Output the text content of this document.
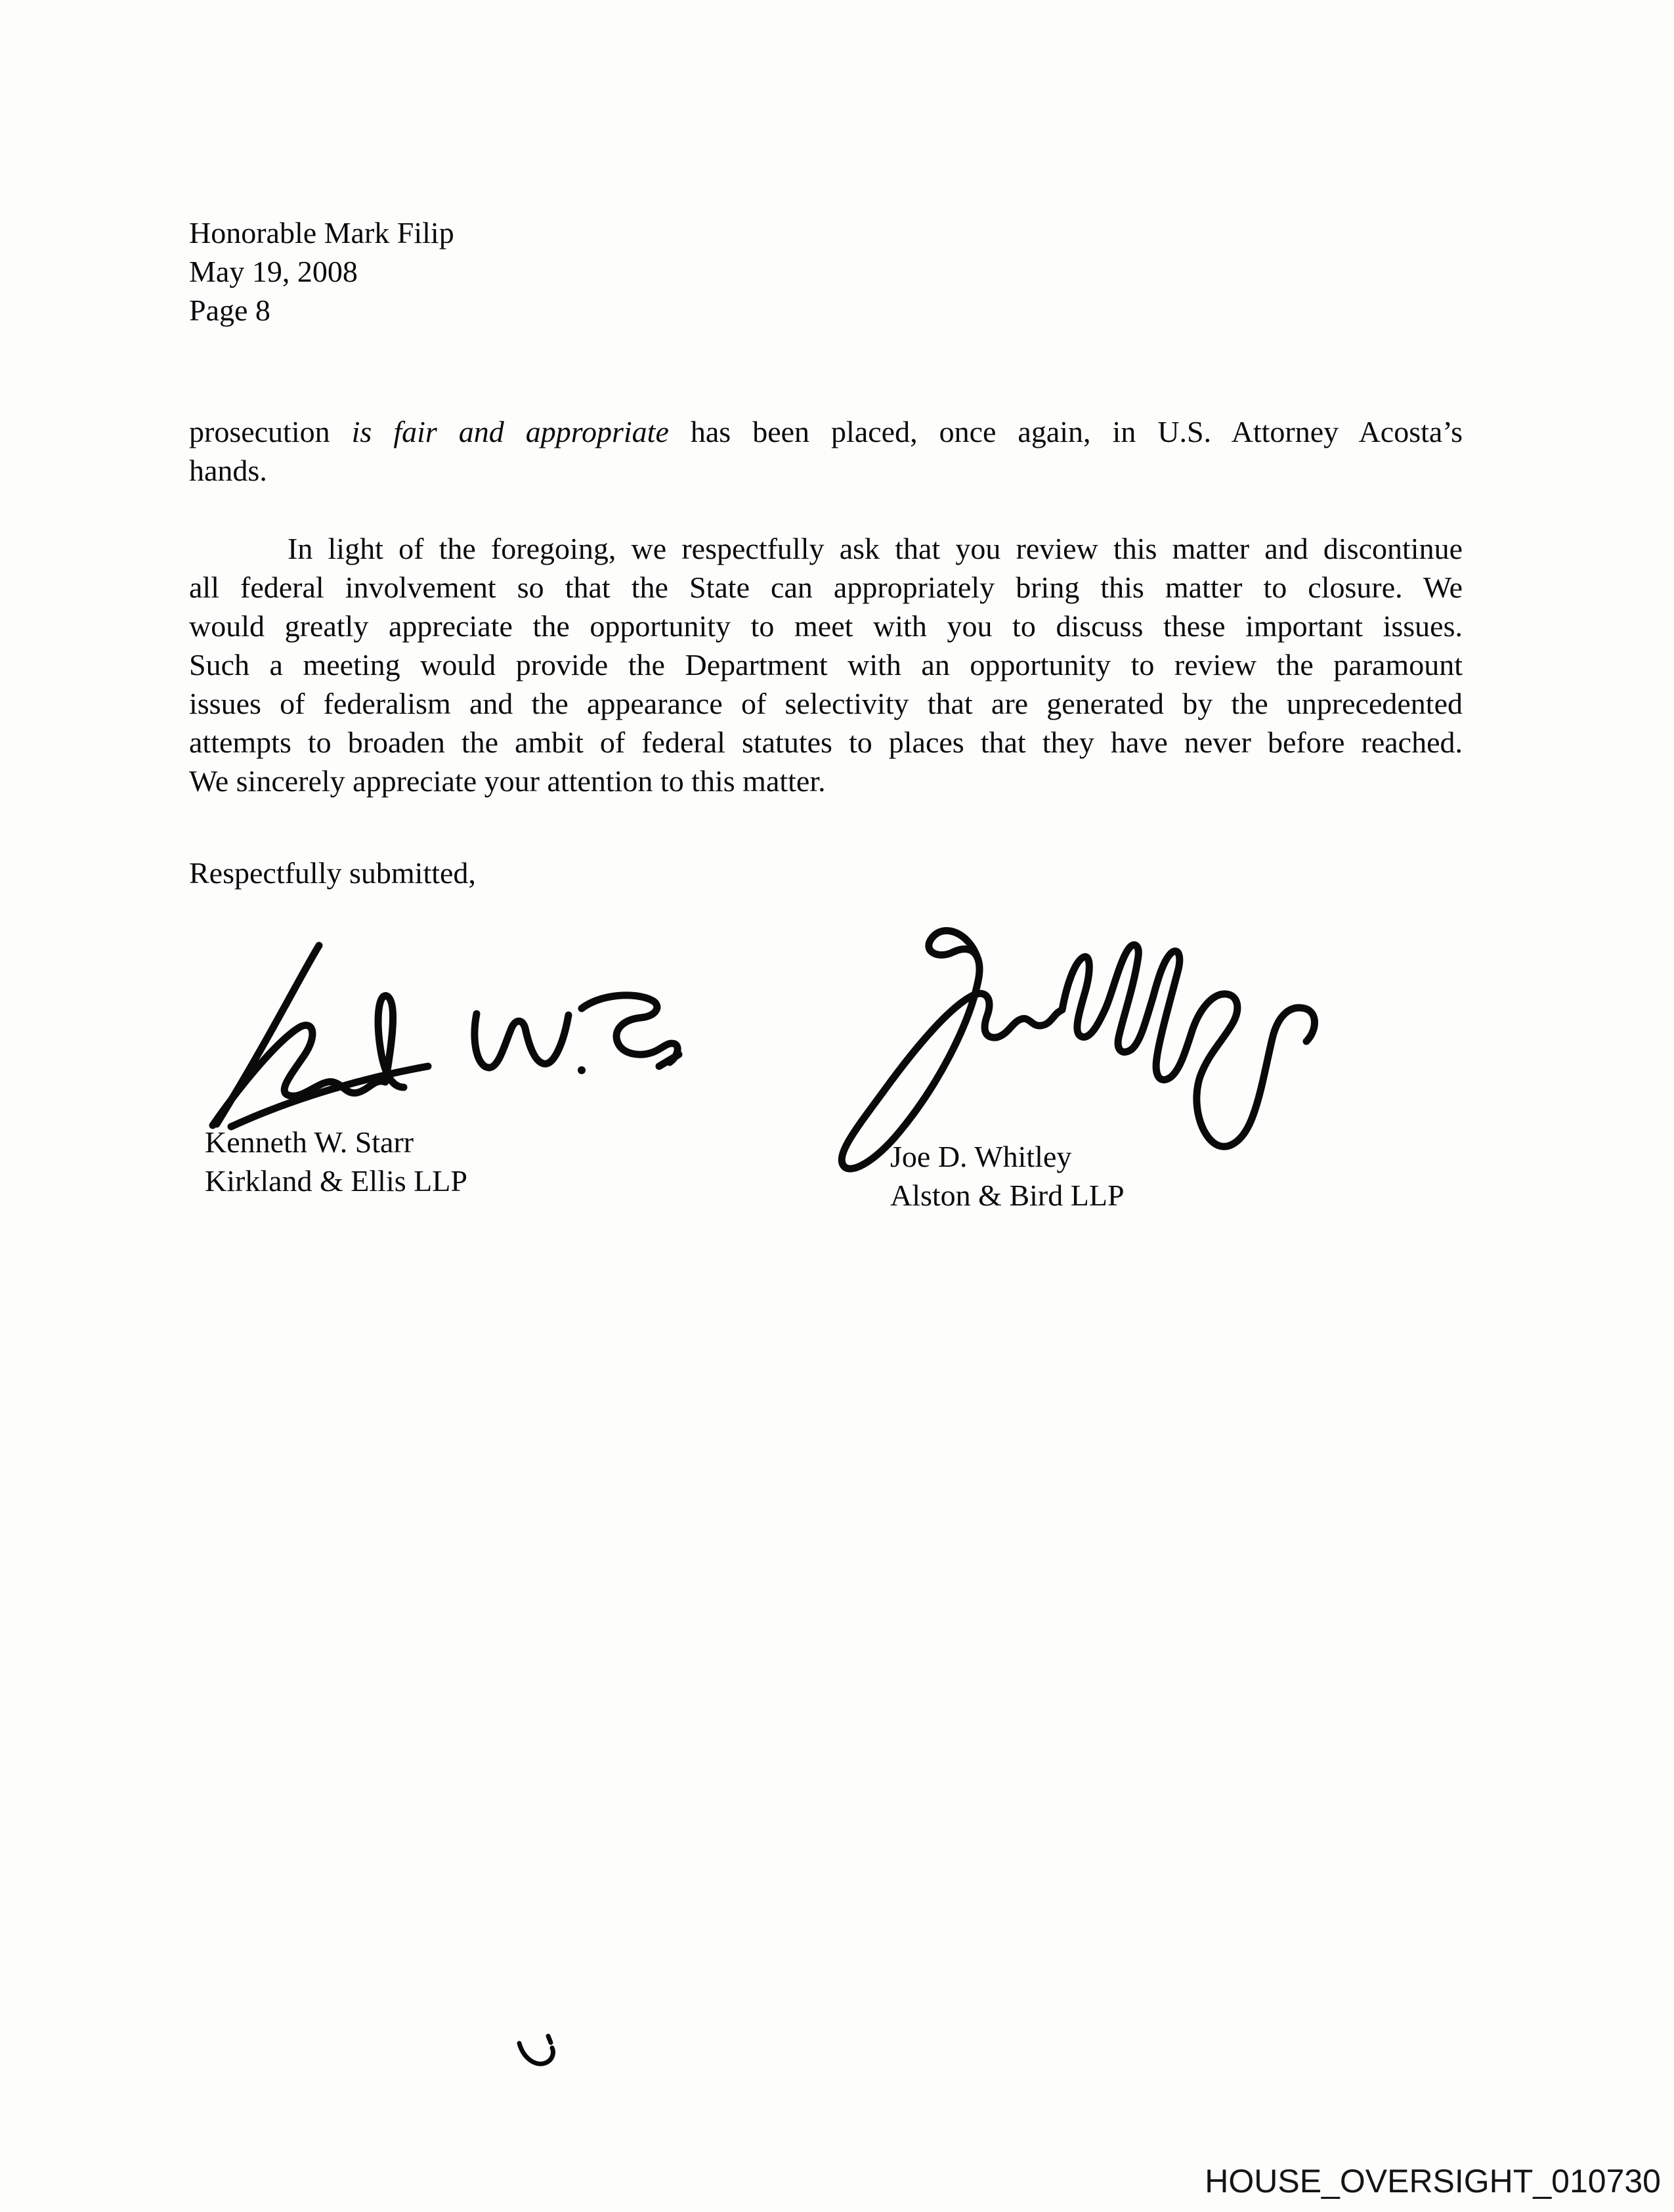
Honorable Mark Filip
May 19, 2008
Page 8
prosecution is fair and appropriate has been placed, once again, in U.S. Attorney Acosta’s
hands.
In light of the foregoing, we respectfully ask that you review this matter and discontinue
all federal involvement so that the State can appropriately bring this matter to closure. We
would greatly appreciate the opportunity to meet with you to discuss these important issues.
Such a meeting would provide the Department with an opportunity to review the paramount
issues of federalism and the appearance of selectivity that are generated by the unprecedented
attempts to broaden the ambit of federal statutes to places that they have never before reached.
We sincerely appreciate your attention to this matter.
Respectfully submitted,
Kenneth W. Starr
Kirkland & Ellis LLP
Joe D. Whitley
Alston & Bird LLP
HOUSE_OVERSIGHT_010730
